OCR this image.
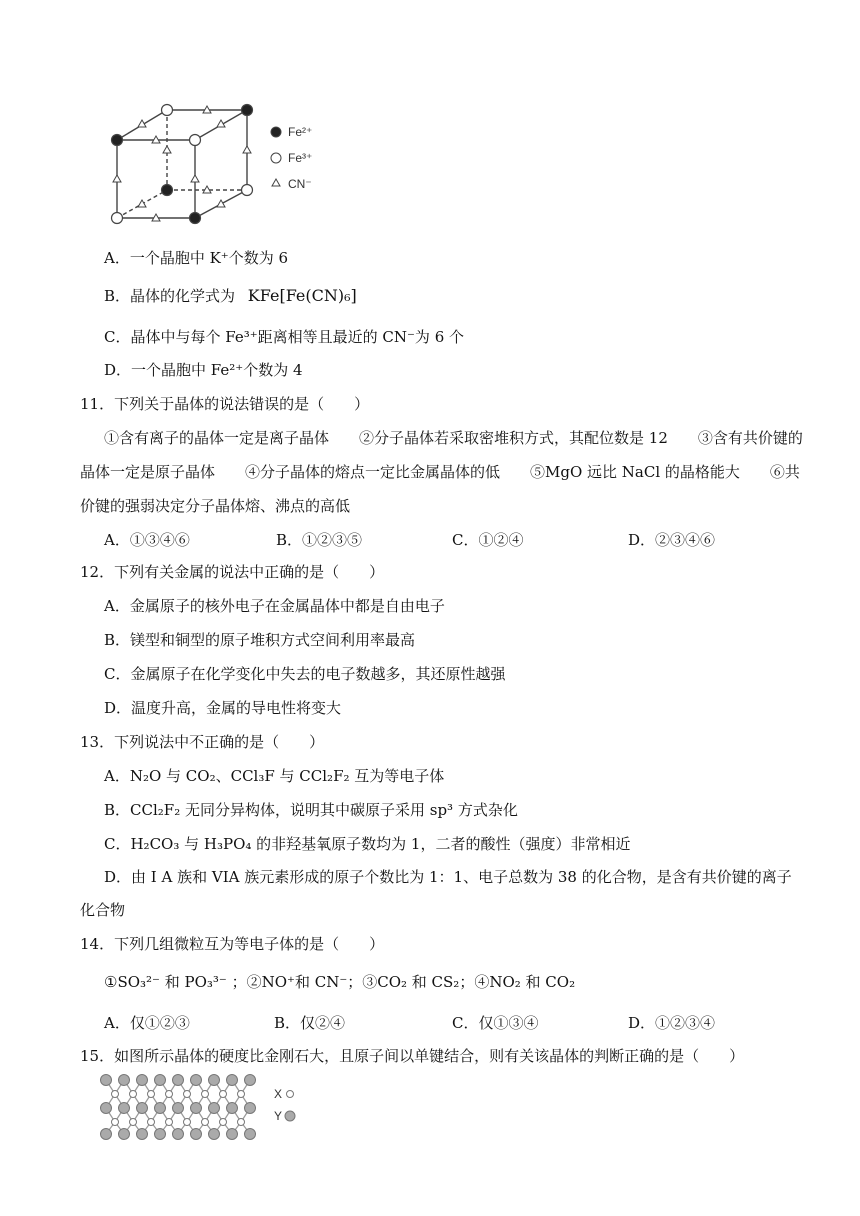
Fe²⁺
Fe³⁺
CN⁻
A．一个晶胞中 K⁺个数为 6
B．晶体的化学式为 KFe[Fe(CN)₆]
C．晶体中与每个 Fe³⁺距离相等且最近的 CN⁻为 6 个
D．一个晶胞中 Fe²⁺个数为 4
11．下列关于晶体的说法错误的是（　　）
①含有离子的晶体一定是离子晶体　　②分子晶体若采取密堆积方式，其配位数是 12　　③含有共价键的晶体一定是原子晶体　　④分子晶体的熔点一定比金属晶体的低　　⑤MgO 远比 NaCl 的晶格能大　　⑥共价键的强弱决定分子晶体熔、沸点的高低
A．①③④⑥	B．①②③⑤	C．①②④	D．②③④⑥
12．下列有关金属的说法中正确的是（　　）
A．金属原子的核外电子在金属晶体中都是自由电子
B．镁型和铜型的原子堆积方式空间利用率最高
C．金属原子在化学变化中失去的电子数越多，其还原性越强
D．温度升高，金属的导电性将变大
13．下列说法中不正确的是（　　）
A．N₂O 与 CO₂、CCl₃F 与 CCl₂F₂ 互为等电子体
B．CCl₂F₂ 无同分异构体，说明其中碳原子采用 sp³ 方式杂化
C．H₂CO₃ 与 H₃PO₄ 的非羟基氧原子数均为 1，二者的酸性（强度）非常相近
D．由 I A 族和 VIA 族元素形成的原子个数比为 1：1、电子总数为 38 的化合物，是含有共价键的离子
化合物
14．下列几组微粒互为等电子体的是（　　）
①SO₃²⁻ 和 PO₃³⁻ ；②NO⁺和 CN⁻；③CO₂ 和 CS₂；④NO₂ 和 CO₂
A．仅①②③	B．仅②④	C．仅①③④	D．①②③④
15．如图所示晶体的硬度比金刚石大，且原子间以单键结合，则有关该晶体的判断正确的是（　　）
X
Y
